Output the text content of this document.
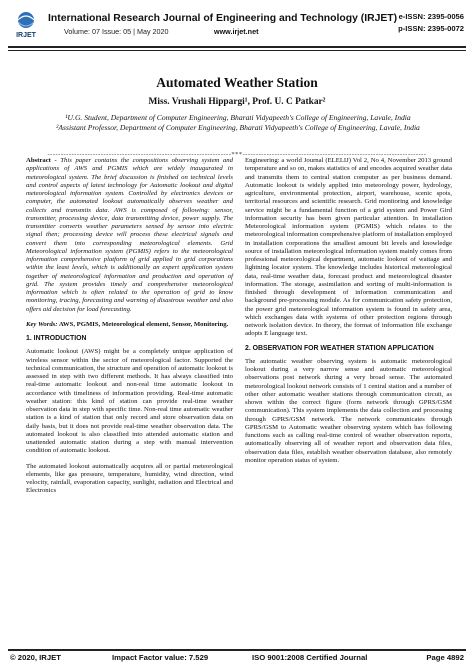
IRJET
International Research Journal of Engineering and Technology (IRJET)
Volume: 07 Issue: 05 | May 2020	www.irjet.net
e-ISSN: 2395-0056
p-ISSN: 2395-0072
Automated Weather Station
Miss. Vrushali Hippargi¹, Prof. U. C Patkar²
¹U.G. Student, Department of Computer Engineering, Bharati Vidyapeeth's College of Engineering, Lavale, India
²Assistant Professor, Department of Computer Engineering, Bharati Vidyapeeth's College of Engineering, Lavale, India
---------------------------------------------------------------------***---------------------------------------------------------------------

Abstract - This paper contains the compositions observing system and applications of AWS and PGMIS which are widely inaugurated in meteorological system. The brief discussion is finished on technical levels and control aspects of latest technology for Automatic lookout and digital meteorological information system. Controlled by electronics devices or computer, the automated lookout automatically observes weather and collects and transmits data. AWS is composed of following: sensor, transmitter, processing device, data transmitting device, power supply. The transmitter converts weather parameters sensed by sensor into electric signal then; processing device will process these electrical signals and convert them into corresponding meteorological elements. Grid Meteorological information system (PGMIS) refers to the meteorological information comprehensive platform of grid applied in grid corporations within the least levels, which is additionally an expert application system together of meteorological information and production and operation of grid. The system provides timely and comprehensive meteorological information which is often related to the operation of grid to know monitoring, tracing, forecasting and warning of disastrous weather and also offers aid decision for load forecasting.

Key Words: AWS, PGMIS, Meteorological element, Sensor, Monitoring.

1. INTRODUCTION

Automatic lookout (AWS) might be a completely unique application of wireless sensor within the sector of meteorological factor. Supported the technical communication, the structure and operation of automatic lookout is assessed in step with two different methods. It has always classified into real-time automatic lookout and non-real time automatic lookout in accordance with timeliness of information providing. Real-time automatic weather station: this kind of station can provide real-time weather observation data in step with specific time. Non-real time automatic weather station is a kind of station that only record and store observation data on daily basis, but it does not provide real-time weather observation data. The automated lookout is also classified into attended automatic station and unattended automatic station during a step with manual intervention condition of automatic lookout.

The automated lookout automatically acquires all or partial meteorological elements, like gas pressure, temperature, humidity, wind direction, wind velocity, rainfall, evaporation capacity, sunlight, radiation and Electrical and Electronics

Engineering: a world Journal (ELELIJ) Vol 2, No 4, November 2013 ground temperature and so on, makes statistics of and encodes acquired weather data and transmits them to central station computer as per business demand. Automatic lookout is widely applied into meteorology power, hydrology, agriculture, environmental protection, airport, warehouse, scenic spots, territorial resources and scientific research. Grid monitoring and knowledge service might be a fundamental function of a grid system and Power Gird information security has been given particular attention. In installation Meteorological information system (PGMIS) which relates to the meteorological information comprehensive platform of installation employed in installation corporations the smallest amount bit levels and knowledge source of installation meteorological information system mainly comes from professional meteorological department, automatic lookout of wattage and lightning locator system. The knowledge includes historical meteorological data, real-time weather data, forecast product and meteorological disaster information. The storage, assimilation and sorting of multi-information is finished through development of information communication and background pre-processing module. As for communication safety protection, the power grid meteorological information system is found in safety area, which exchanges data with systems of other protection regions through network isolation device. In theory, the format of information file exchange adopts E language text.

2. OBSERVATION FOR WEATHER STATION APPLICATION

The automatic weather observing system is automatic meteorological lookout during a very narrow sense and automatic meteorological observations post network during a very broad sense. The automated meteorological lookout network consists of 1 central station and a number of other other automatic weather stations through communication circuit, as shown within the correct figure (form network through GPRS/GSM communication). This system implements the data collection and processing through GPRS/GSM network. The network communicates through GPRS/GSM to Automatic weather observing system which has following functions such as calling real-time control of weather observation reports, automatically observing all of weather report and observation data files, observation data files, establish weather observation database, also remotely monitor operation status of system.

© 2020, IRJET	Impact Factor value: 7.529	ISO 9001:2008 Certified Journal	Page 4892
